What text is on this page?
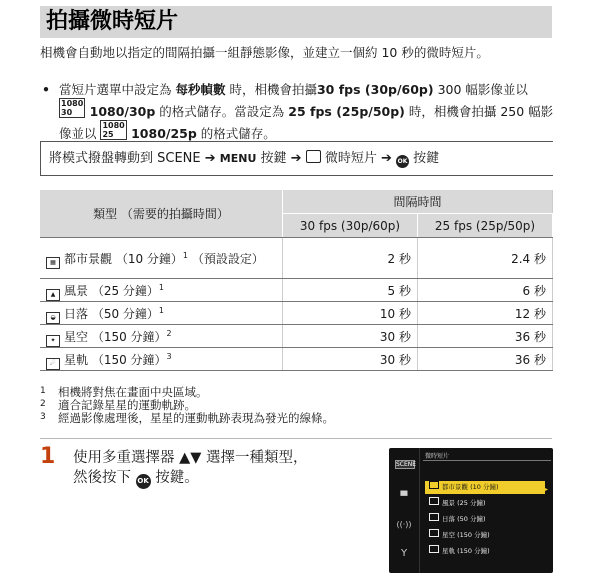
拍攝微時短片
相機會自動地以指定的間隔拍攝一組靜態影像，並建立一個約 10 秒的微時短片。
• 當短片選單中設定為 每秒幀數 時，相機會拍攝30 fps (30p/60p) 300 幅影像並以 1080
30 1080/30p 的格式儲存。當設定為 25 fps (25p/50p) 時，相機會拍攝 250 幅影像並以 1080
25 1080/25p 的格式儲存。
將模式撥盤轉動到 SCENE ➔ MENU 按鍵 ➔  微時短片 ➔ OK 按鍵
類型 （需要的拍攝時間）	間隔時間	
	30 fps (30p/60p)	25 fps (25p/50p)
▦ 都市景觀 （10 分鐘）$^1$ （預設設定）	2 秒	2.4 秒
▲ 風景 （25 分鐘）$^1$	5 秒	6 秒
◒ 日落 （50 分鐘）$^1$	10 秒	12 秒
✦ 星空 （150 分鐘）$^2$	30 秒	36 秒
☄ 星軌 （150 分鐘）$^3$	30 秒	36 秒
1 相機將對焦在畫面中央區域。
2 適合記錄星星的運動軌跡。
3 經過影像處理後，星星的運動軌跡表現為發光的線條。
1 使用多重選擇器 ▲▼ 選擇一種類型，
然後按下 OK 按鍵。
SCENE
▀
((·))
Y
微時短片
都市景觀 (10 分鐘)
風景 (25 分鐘)
日落 (50 分鐘)
星空 (150 分鐘)
星軌 (150 分鐘)
▸
